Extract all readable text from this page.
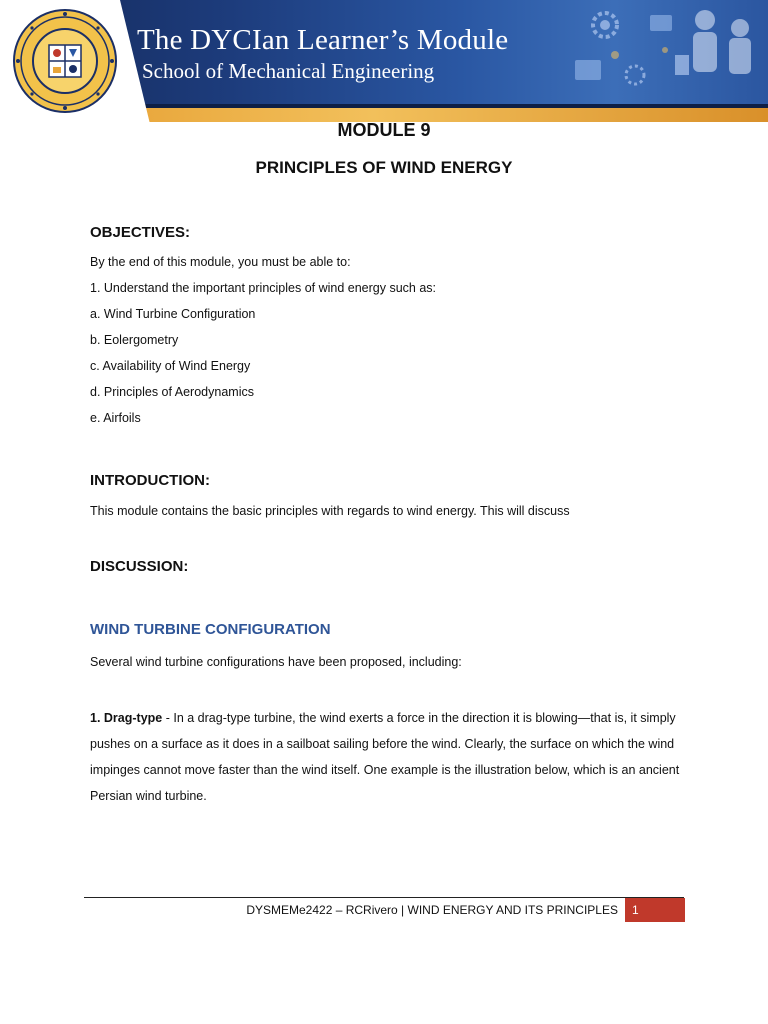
The DYCIan Learner’s Module
School of Mechanical Engineering
MODULE 9
PRINCIPLES OF WIND ENERGY
OBJECTIVES:
By the end of this module, you must be able to:
1. Understand the important principles of wind energy such as:
a. Wind Turbine Configuration
b. Eolergometry
c. Availability of Wind Energy
d. Principles of Aerodynamics
e. Airfoils
INTRODUCTION:
This module contains the basic principles with regards to wind energy. This will discuss
DISCUSSION:
WIND TURBINE CONFIGURATION
Several wind turbine configurations have been proposed, including:
1. Drag-type - In a drag-type turbine, the wind exerts a force in the direction it is blowing—that is, it simply pushes on a surface as it does in a sailboat sailing before the wind. Clearly, the surface on which the wind impinges cannot move faster than the wind itself. One example is the illustration below, which is an ancient Persian wind turbine.
DYSMEMe2422 – RCRivero | WIND ENERGY AND ITS PRINCIPLES 1
